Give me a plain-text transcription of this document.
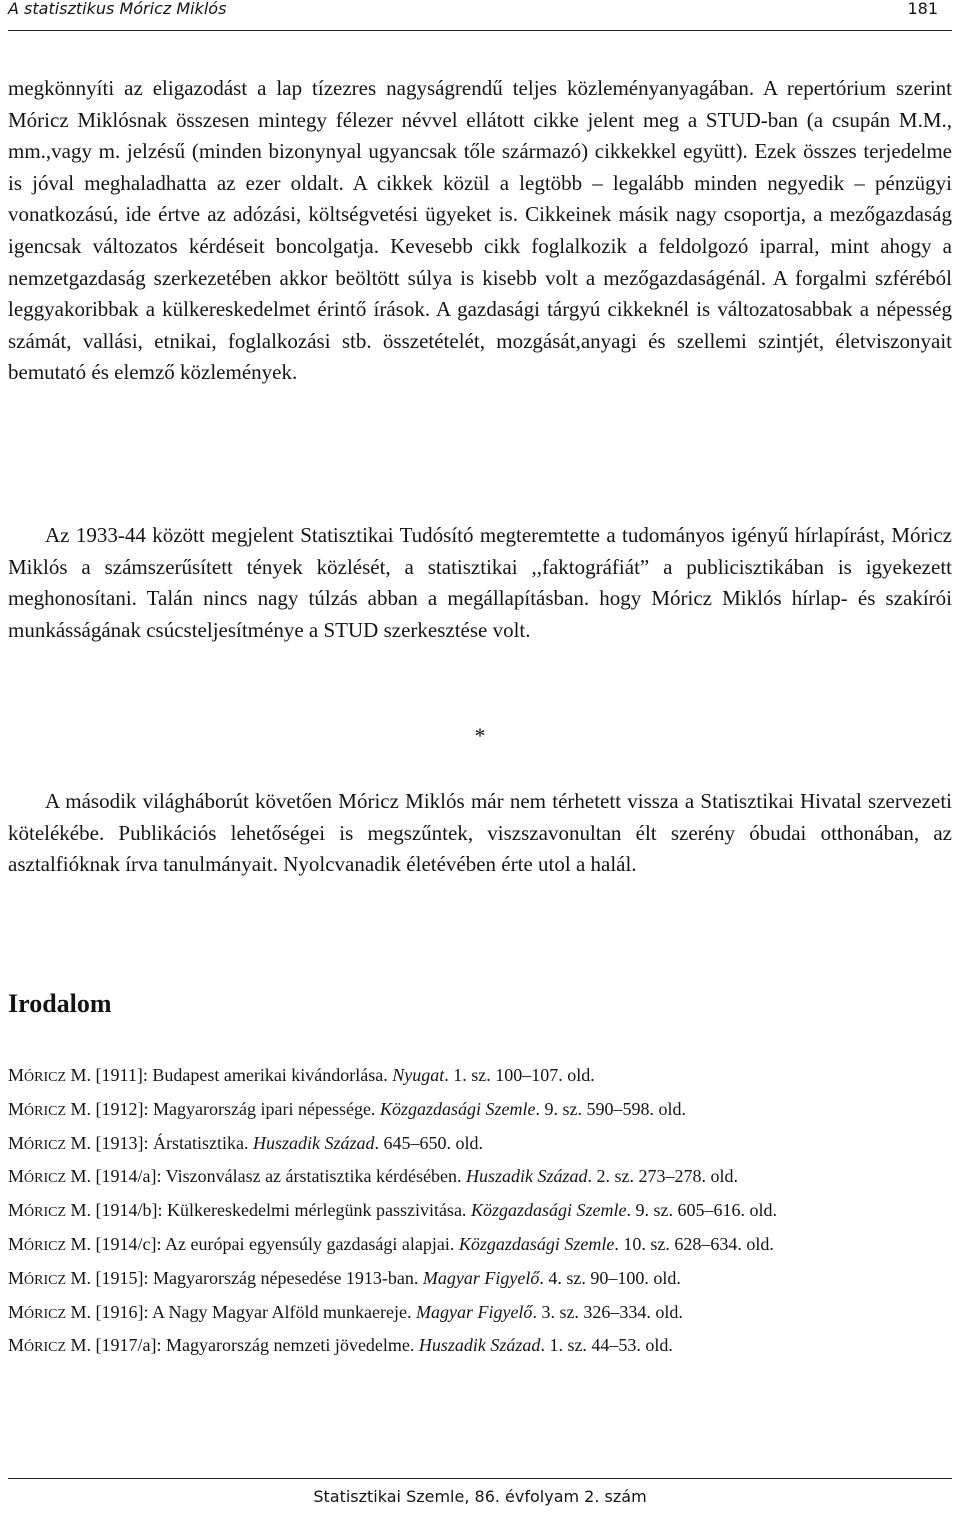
A statisztikus Móricz Miklós	181

megkönnyíti az eligazodást a lap tízezres nagyságrendű teljes közleményanyagában. A repertórium szerint Móricz Miklósnak összesen mintegy félezer névvel ellátott cikke jelent meg a STUD-ban (a csupán M.M., mm.,vagy m. jelzésű (minden bizonynyal ugyancsak tőle származó) cikkekkel együtt). Ezek összes terjedelme is jóval meghaladhatta az ezer oldalt. A cikkek közül a legtöbb – legalább minden negyedik – pénzügyi vonatkozású, ide értve az adózási, költségvetési ügyeket is. Cikkeinek másik nagy csoportja, a mezőgazdaság igencsak változatos kérdéseit boncolgatja. Kevesebb cikk foglalkozik a feldolgozó iparral, mint ahogy a nemzetgazdaság szerkezetében akkor beöltött súlya is kisebb volt a mezőgazdaságénál. A forgalmi szféréból leggyakoribbak a külkereskedelmet érintő írások. A gazdasági tárgyú cikkeknél is változatosabbak a népesség számát, vallási, etnikai, foglalkozási stb. összetételét, mozgását,anyagi és szellemi szintjét, életviszonyait bemutató és elemző közlemények.

Az 1933-44 között megjelent Statisztikai Tudósító megteremtette a tudományos igényű hírlapírást, Móricz Miklós a számszerűsített tények közlését, a statisztikai ,,faktográfiát” a publicisztikában is igyekezett meghonosítani. Talán nincs nagy túlzás abban a megállapításban. hogy Móricz Miklós hírlap- és szakírói munkásságának csúcsteljesítménye a STUD szerkesztése volt.

*

A második világháborút követően Móricz Miklós már nem térhetett vissza a Statisztikai Hivatal szervezeti kötelékébe. Publikációs lehetőségei is megszűntek, viszszavonultan élt szerény óbudai otthonában, az asztalfióknak írva tanulmányait. Nyolcvanadik életévében érte utol a halál.

Irodalom
MÓRICZ M. [1911]: Budapest amerikai kivándorlása. Nyugat. 1. sz. 100–107. old.
MÓRICZ M. [1912]: Magyarország ipari népessége. Közgazdasági Szemle. 9. sz. 590–598. old.
MÓRICZ M. [1913]: Árstatisztika. Huszadik Század. 645–650. old.
MÓRICZ M. [1914/a]: Viszonválasz az árstatisztika kérdésében. Huszadik Század. 2. sz. 273–278. old.
MÓRICZ M. [1914/b]: Külkereskedelmi mérlegünk passzivitása. Közgazdasági Szemle. 9. sz. 605–616. old.
MÓRICZ M. [1914/c]: Az európai egyensúly gazdasági alapjai. Közgazdasági Szemle. 10. sz. 628–634. old.
MÓRICZ M. [1915]: Magyarország népesedése 1913-ban. Magyar Figyelő. 4. sz. 90–100. old.
MÓRICZ M. [1916]: A Nagy Magyar Alföld munkaereje. Magyar Figyelő. 3. sz. 326–334. old.
MÓRICZ M. [1917/a]: Magyarország nemzeti jövedelme. Huszadik Század. 1. sz. 44–53. old.
Statisztikai Szemle, 86. évfolyam 2. szám
